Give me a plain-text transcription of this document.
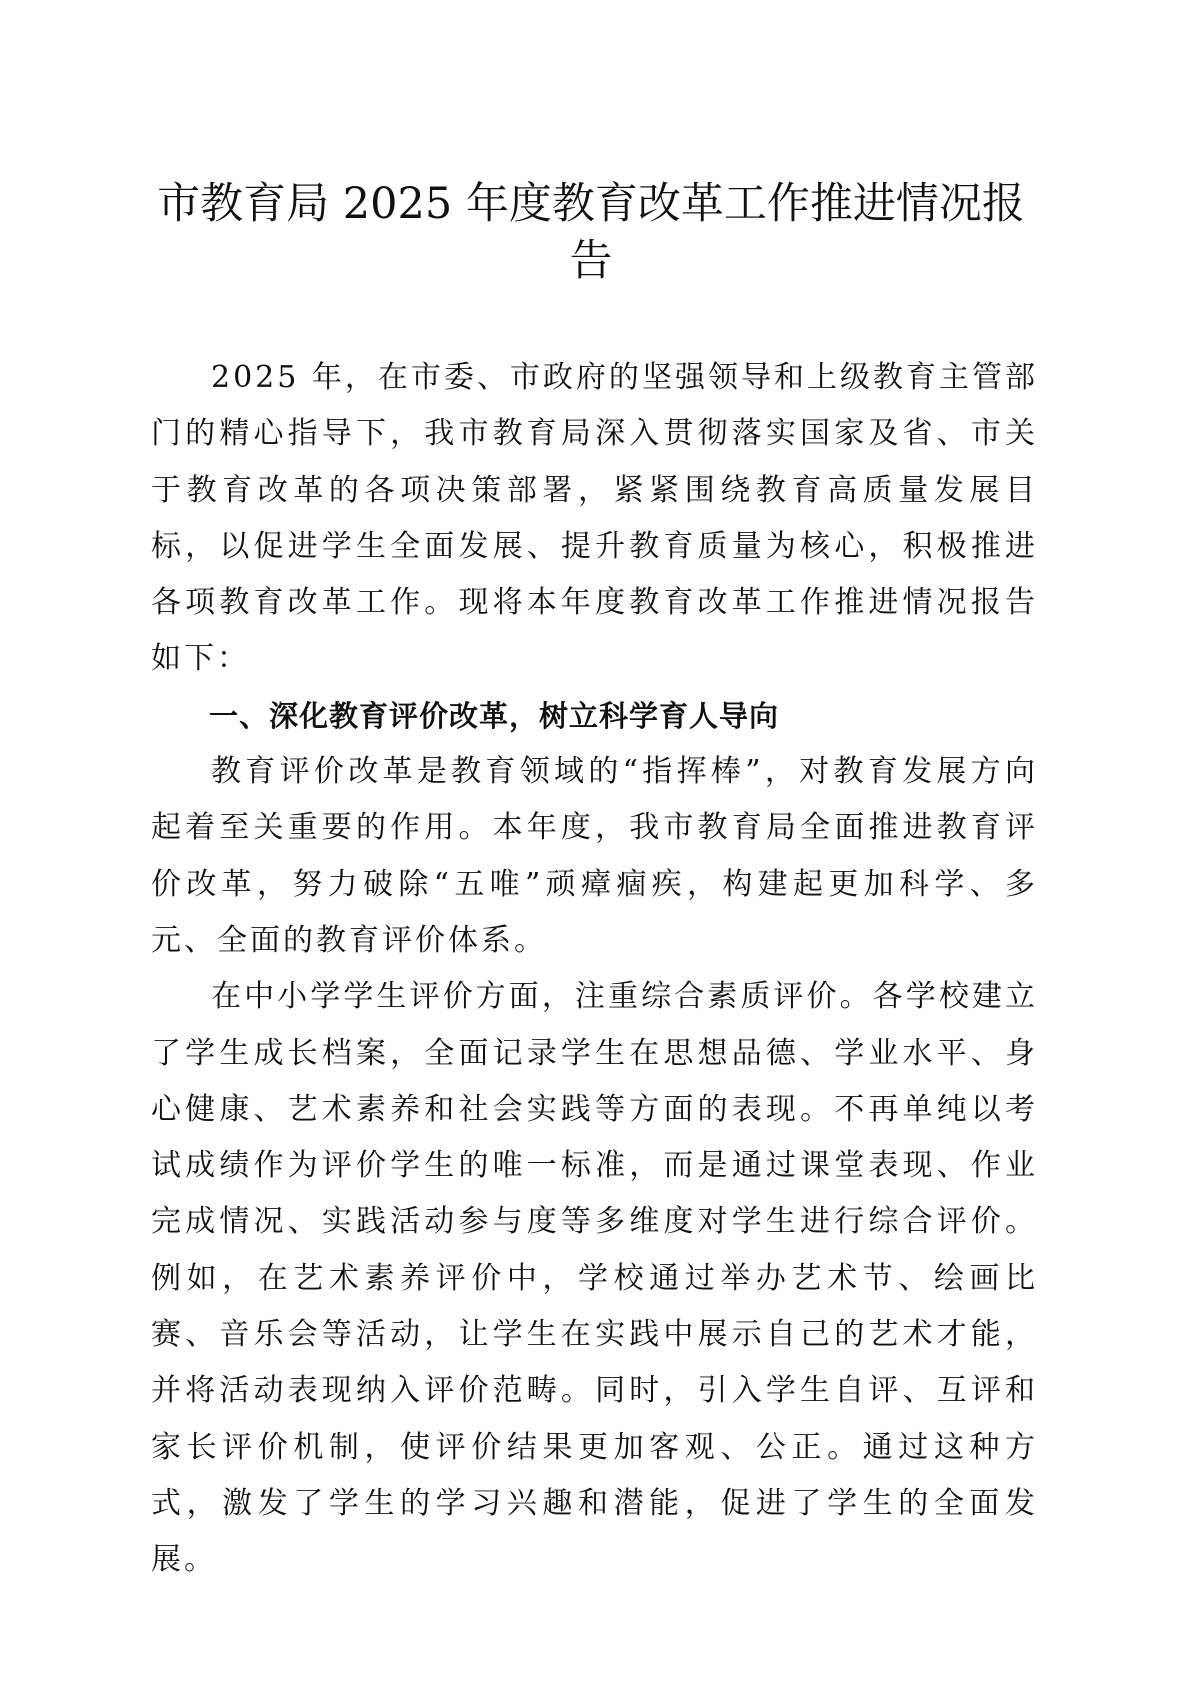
市教育局 2025 年度教育改革工作推进情况报
告

2025 年，在市委、市政府的坚强领导和上级教育主管部门的精心指导下，我市教育局深入贯彻落实国家及省、市关于教育改革的各项决策部署，紧紧围绕教育高质量发展目标，以促进学生全面发展、提升教育质量为核心，积极推进各项教育改革工作。现将本年度教育改革工作推进情况报告如下：

一、深化教育评价改革，树立科学育人导向

教育评价改革是教育领域的“指挥棒”，对教育发展方向起着至关重要的作用。本年度，我市教育局全面推进教育评价改革，努力破除“五唯”顽瘴痼疾，构建起更加科学、多元、全面的教育评价体系。

在中小学学生评价方面，注重综合素质评价。各学校建立了学生成长档案，全面记录学生在思想品德、学业水平、身心健康、艺术素养和社会实践等方面的表现。不再单纯以考试成绩作为评价学生的唯一标准，而是通过课堂表现、作业完成情况、实践活动参与度等多维度对学生进行综合评价。例如，在艺术素养评价中，学校通过举办艺术节、绘画比赛、音乐会等活动，让学生在实践中展示自己的艺术才能，并将活动表现纳入评价范畴。同时，引入学生自评、互评和家长评价机制，使评价结果更加客观、公正。通过这种方式，激发了学生的学习兴趣和潜能，促进了学生的全面发展。
